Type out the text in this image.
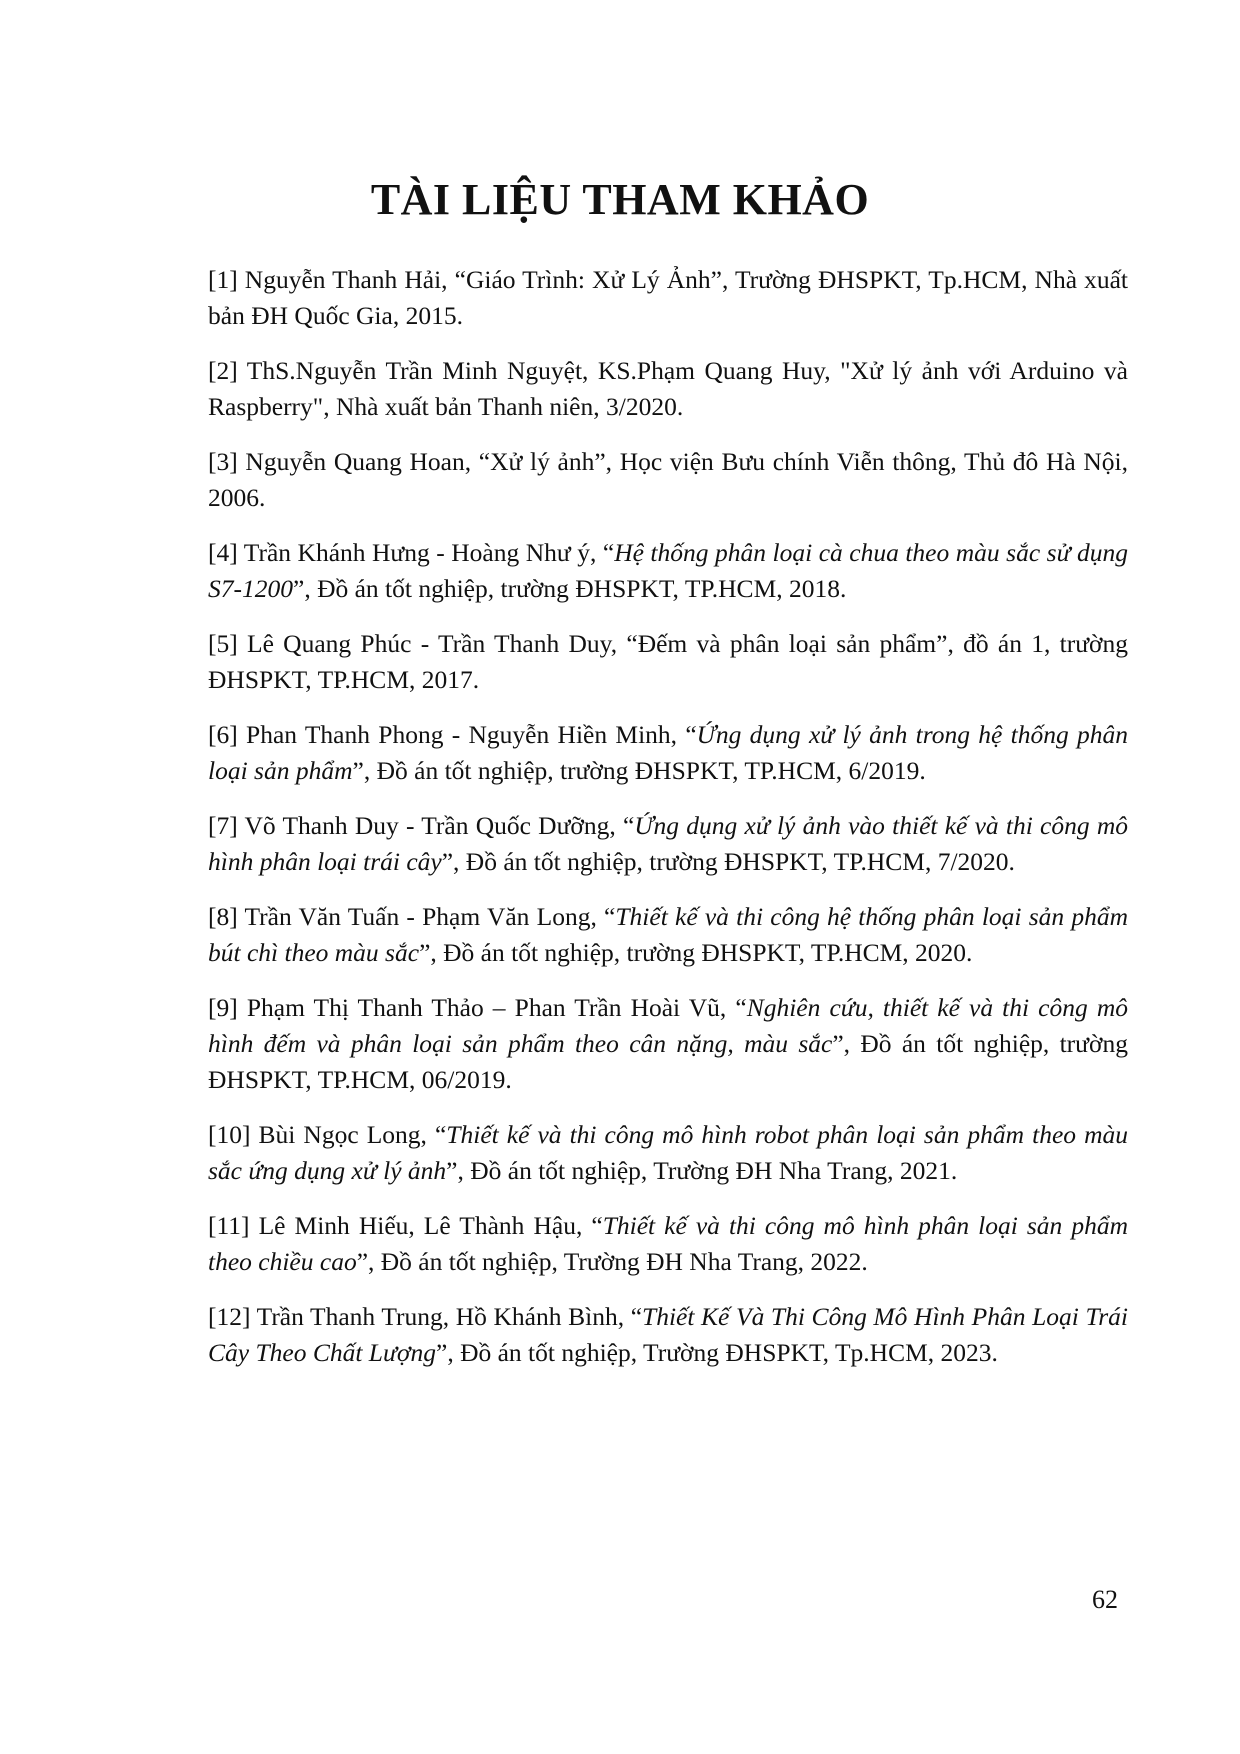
TÀI LIỆU THAM KHẢO
[1] Nguyễn Thanh Hải, “Giáo Trình: Xử Lý Ảnh”, Trường ĐHSPKT, Tp.HCM, Nhà xuất bản ĐH Quốc Gia, 2015.
[2] ThS.Nguyễn Trần Minh Nguyệt, KS.Phạm Quang Huy, "Xử lý ảnh với Arduino và Raspberry", Nhà xuất bản Thanh niên, 3/2020.
[3] Nguyễn Quang Hoan, “Xử lý ảnh”, Học viện Bưu chính Viễn thông, Thủ đô Hà Nội, 2006.
[4] Trần Khánh Hưng - Hoàng Như ý, “Hệ thống phân loại cà chua theo màu sắc sử dụng S7-1200”, Đồ án tốt nghiệp, trường ĐHSPKT, TP.HCM, 2018.
[5] Lê Quang Phúc - Trần Thanh Duy, “Đếm và phân loại sản phẩm”, đồ án 1, trường ĐHSPKT, TP.HCM, 2017.
[6] Phan Thanh Phong - Nguyễn Hiền Minh, “Ứng dụng xử lý ảnh trong hệ thống phân loại sản phẩm”, Đồ án tốt nghiệp, trường ĐHSPKT, TP.HCM, 6/2019.
[7] Võ Thanh Duy - Trần Quốc Dưỡng, “Ứng dụng xử lý ảnh vào thiết kế và thi công mô hình phân loại trái cây”, Đồ án tốt nghiệp, trường ĐHSPKT, TP.HCM, 7/2020.
[8] Trần Văn Tuấn - Phạm Văn Long, “Thiết kế và thi công hệ thống phân loại sản phẩm bút chì theo màu sắc”, Đồ án tốt nghiệp, trường ĐHSPKT, TP.HCM, 2020.
[9] Phạm Thị Thanh Thảo – Phan Trần Hoài Vũ, “Nghiên cứu, thiết kế và thi công mô hình đếm và phân loại sản phẩm theo cân nặng, màu sắc”, Đồ án tốt nghiệp, trường ĐHSPKT, TP.HCM, 06/2019.
[10] Bùi Ngọc Long, “Thiết kế và thi công mô hình robot phân loại sản phẩm theo màu sắc ứng dụng xử lý ảnh”, Đồ án tốt nghiệp, Trường ĐH Nha Trang, 2021.
[11] Lê Minh Hiếu, Lê Thành Hậu, “Thiết kế và thi công mô hình phân loại sản phẩm theo chiều cao”, Đồ án tốt nghiệp, Trường ĐH Nha Trang, 2022.
[12] Trần Thanh Trung, Hồ Khánh Bình, “Thiết Kế Và Thi Công Mô Hình Phân Loại Trái Cây Theo Chất Lượng”, Đồ án tốt nghiệp, Trường ĐHSPKT, Tp.HCM, 2023.
62
